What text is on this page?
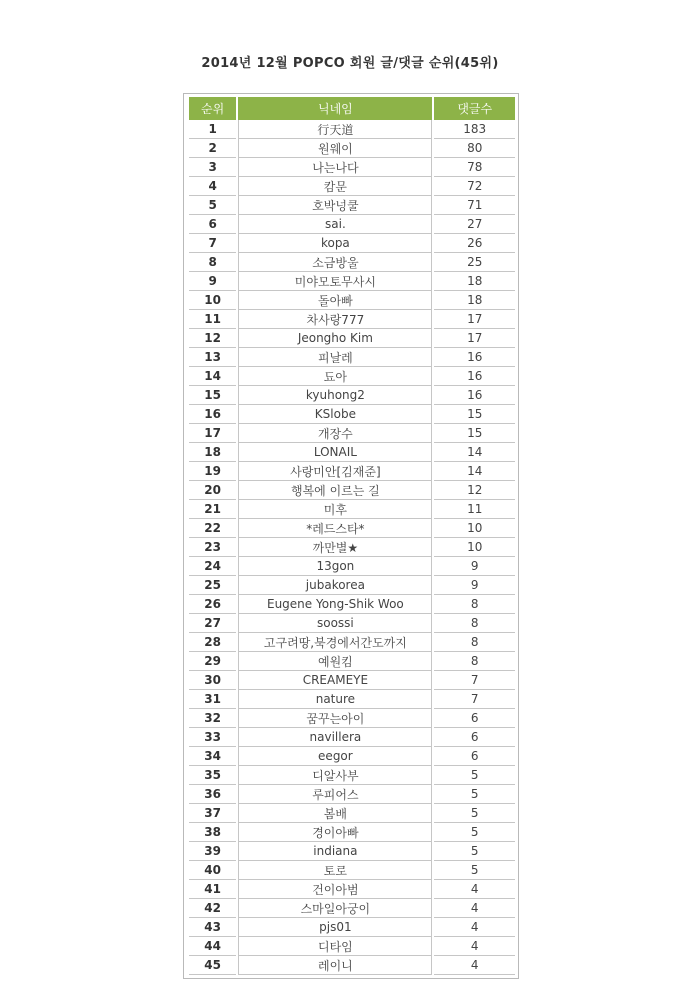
2014년 12월 POPCO 회원 글/댓글 순위(45위)
순위	닉네임	댓글수
1	行天道	183
2	원웨이	80
3	나는나다	78
4	캄문	72
5	호박넝쿨	71
6	sai.	27
7	kopa	26
8	소금방울	25
9	미야모토무사시	18
10	돌아빠	18
11	차사랑777	17
12	Jeongho Kim	17
13	피날레	16
14	됴아	16
15	kyuhong2	16
16	KSlobe	15
17	개장수	15
18	LONAIL	14
19	사랑미안[김재준]	14
20	행복에 이르는 길	12
21	미후	11
22	*레드스타*	10
23	까만별★	10
24	13gon	9
25	jubakorea	9
26	Eugene Yong-Shik Woo	8
27	soossi	8
28	고구려땅,북경에서간도까지	8
29	예원킴	8
30	CREAMEYE	7
31	nature	7
32	꿈꾸는아이	6
33	navillera	6
34	eegor	6
35	디알사부	5
36	루피어스	5
37	봄배	5
38	경이아빠	5
39	indiana	5
40	토로	5
41	건이아범	4
42	스마일아궁이	4
43	pjs01	4
44	디타임	4
45	레이니	4
